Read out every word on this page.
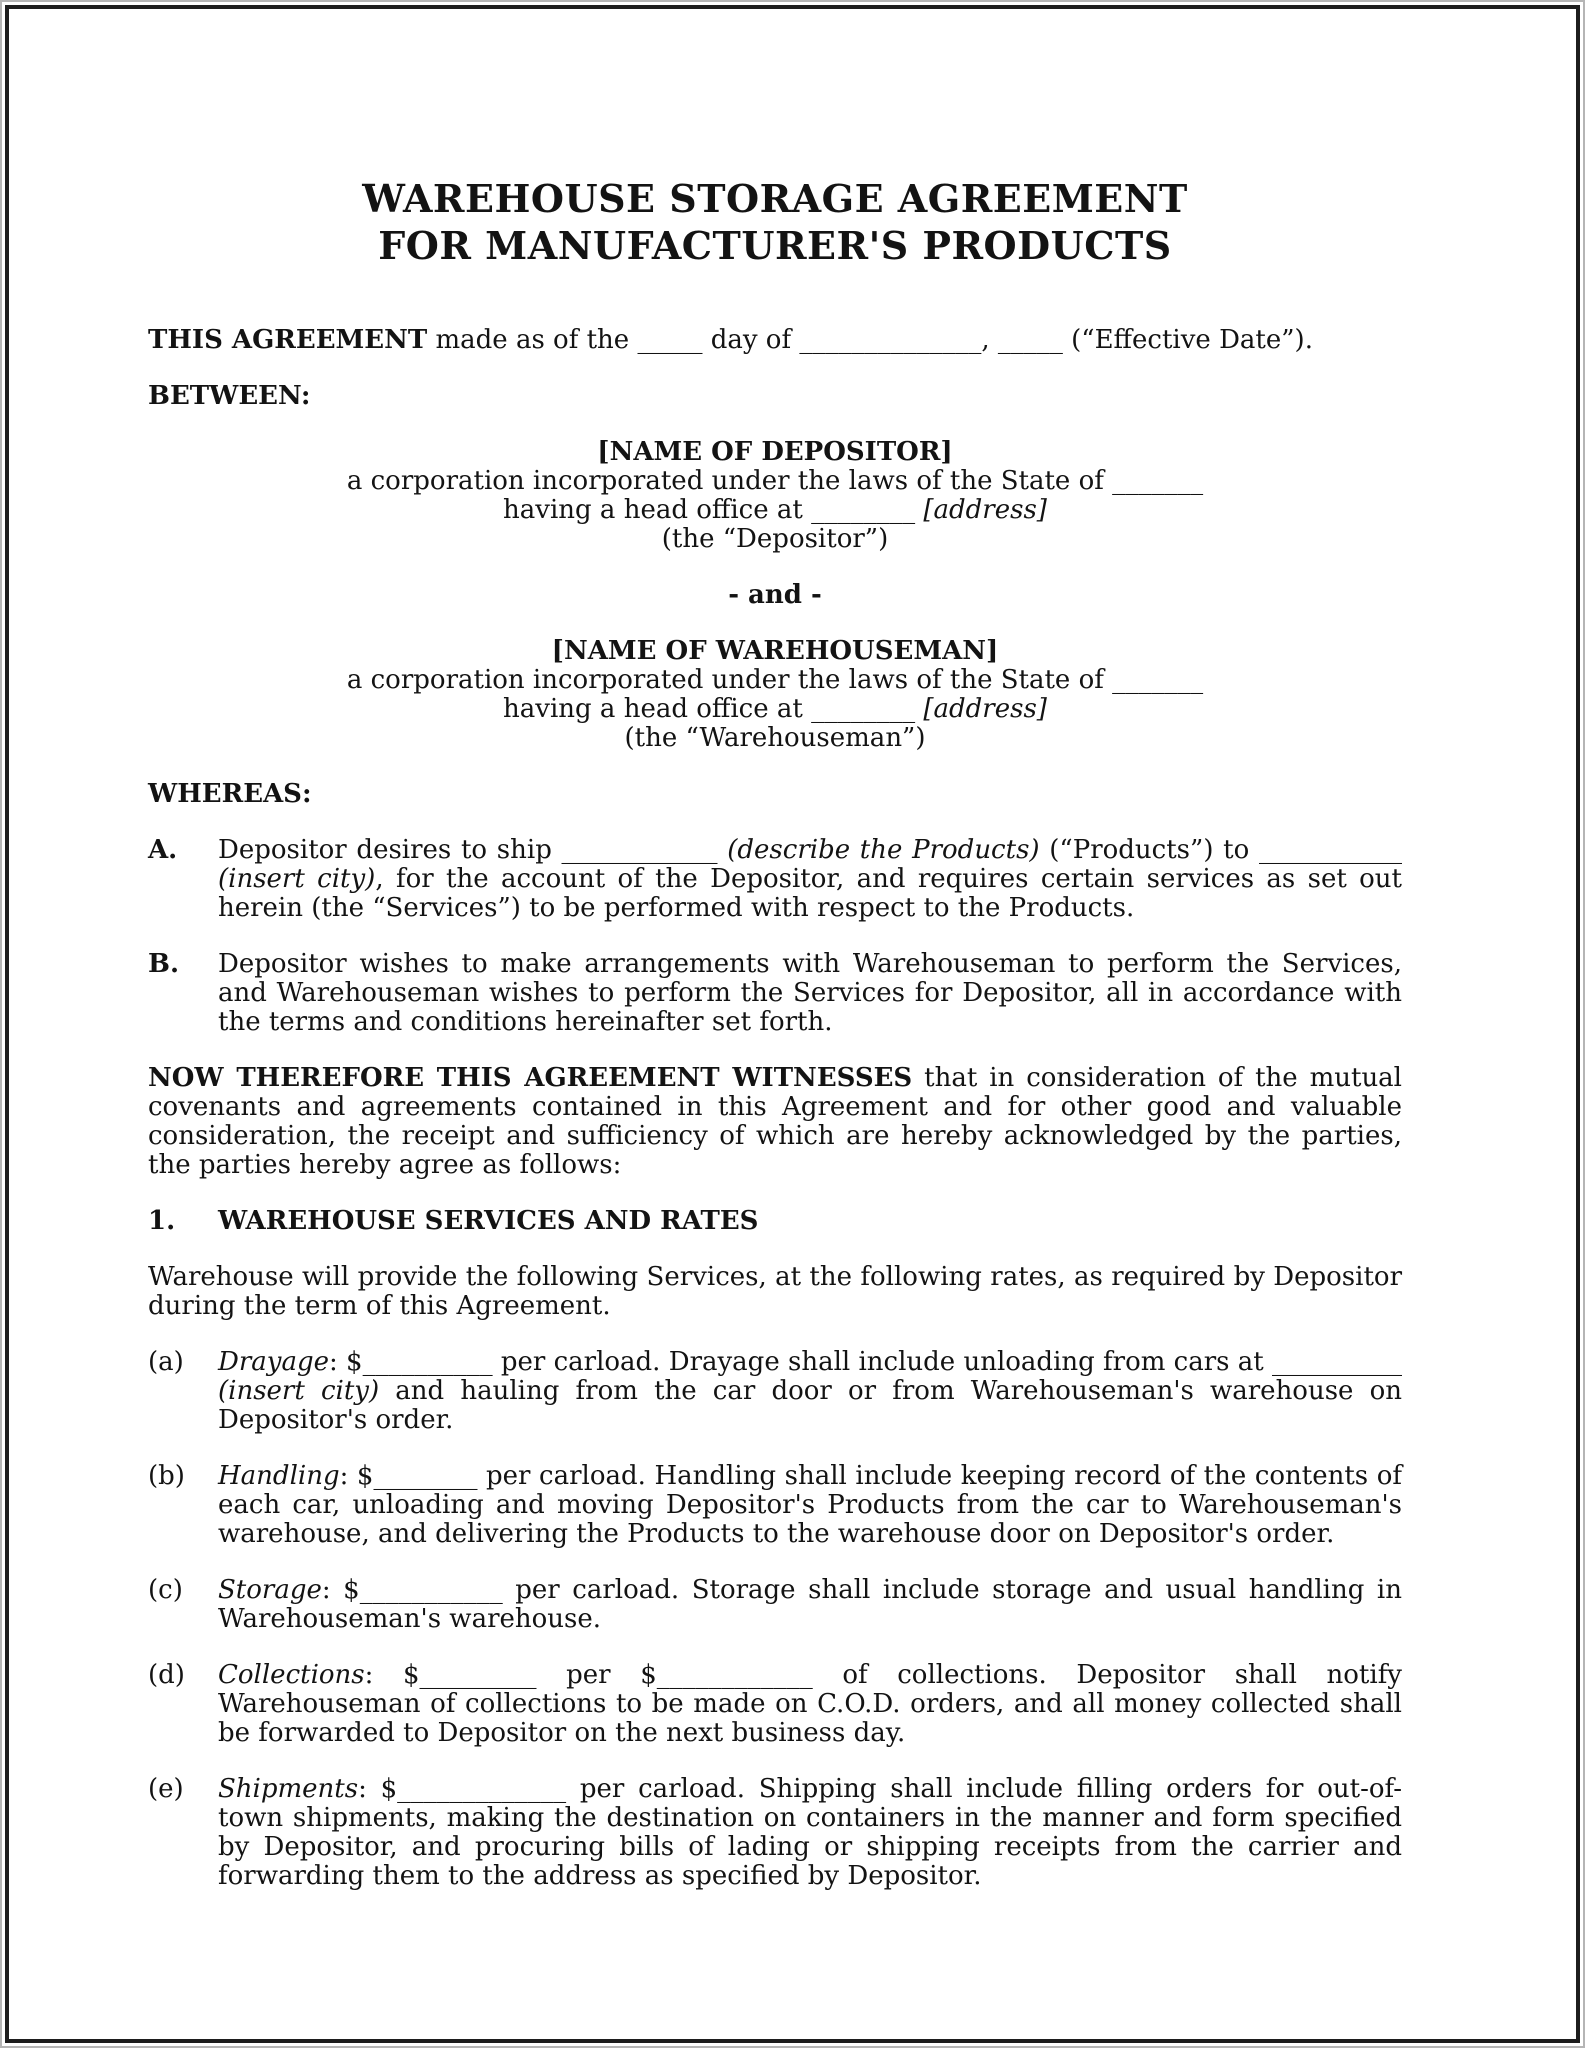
WAREHOUSE STORAGE AGREEMENT
FOR MANUFACTURER'S PRODUCTS

THIS AGREEMENT made as of the _____ day of ______________, _____ (“Effective Date”).

BETWEEN:

[NAME OF DEPOSITOR]
a corporation incorporated under the laws of the State of _______
having a head office at ________ [address]
(the “Depositor”)

- and -

[NAME OF WAREHOUSEMAN]
a corporation incorporated under the laws of the State of _______
having a head office at ________ [address]
(the “Warehouseman”)

WHEREAS:

A.	Depositor desires to ship ____________ (describe the Products) (“Products”) to ___________ (insert city), for the account of the Depositor, and requires certain services as set out herein (the “Services”) to be performed with respect to the Products.
B.	Depositor wishes to make arrangements with Warehouseman to perform the Services, and Warehouseman wishes to perform the Services for Depositor, all in accordance with the terms and conditions hereinafter set forth.

NOW THEREFORE THIS AGREEMENT WITNESSES that in consideration of the mutual covenants and agreements contained in this Agreement and for other good and valuable consideration, the receipt and sufficiency of which are hereby acknowledged by the parties, the parties hereby agree as follows:

1.	WAREHOUSE SERVICES AND RATES

Warehouse will provide the following Services, at the following rates, as required by Depositor during the term of this Agreement.

(a)	Drayage: $__________ per carload. Drayage shall include unloading from cars at __________ (insert city) and hauling from the car door or from Warehouseman's warehouse on Depositor's order.
(b)	Handling: $________ per carload. Handling shall include keeping record of the contents of each car, unloading and moving Depositor's Products from the car to Warehouseman's warehouse, and delivering the Products to the warehouse door on Depositor's order.
(c)	Storage: $___________ per carload. Storage shall include storage and usual handling in Warehouseman's warehouse.
(d)	Collections: $_________ per $____________ of collections. Depositor shall notify Warehouseman of collections to be made on C.O.D. orders, and all money collected shall be forwarded to Depositor on the next business day.
(e)	Shipments: $_____________ per carload. Shipping shall include filling orders for out-of-town shipments, making the destination on containers in the manner and form specified by Depositor, and procuring bills of lading or shipping receipts from the carrier and forwarding them to the address as specified by Depositor.
